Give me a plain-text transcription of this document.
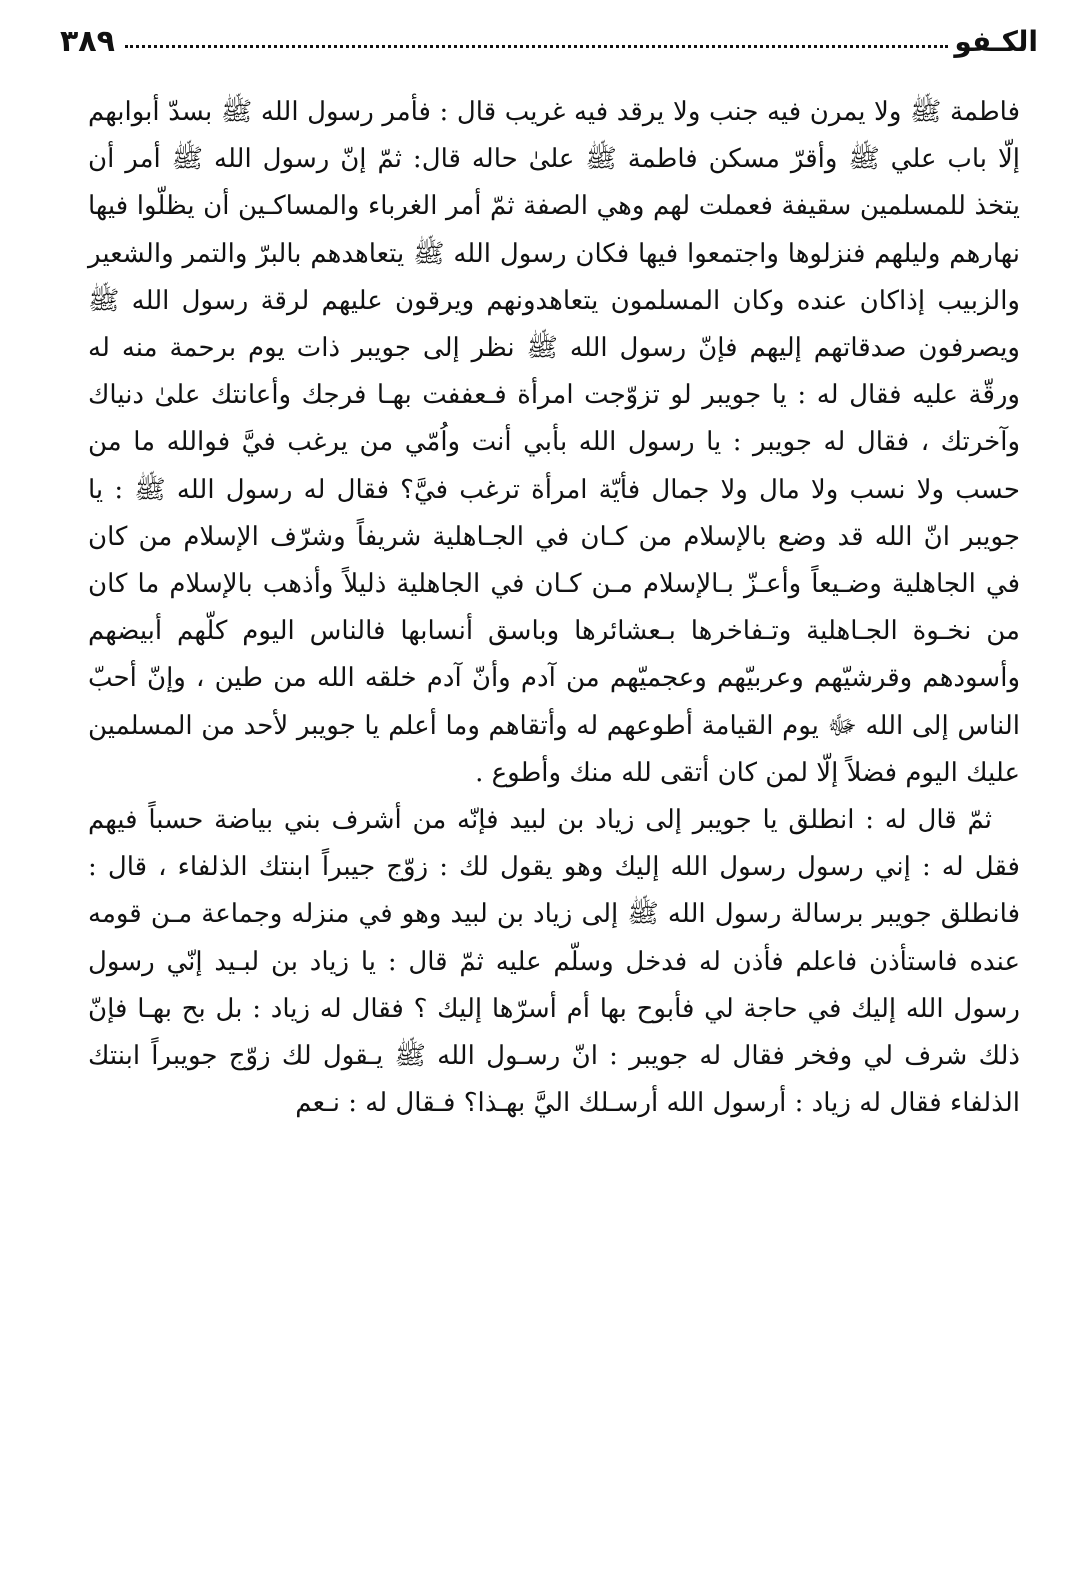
الكـفو
٣٨٩

فاطمة ﷺ ولا يمرن فيه جنب ولا يرقد فيه غريب قال : فأمر رسول الله ﷺ بسدّ أبوابهم إلّا باب علي ﷺ وأقرّ مسكن فاطمة ﷺ علىٰ حاله قال: ثمّ إنّ رسول الله ﷺ أمر أن يتخذ للمسلمين سقيفة فعملت لهم وهي الصفة ثمّ أمر الغرباء والمساكـين أن يظلّوا فيها نهارهم وليلهم فنزلوها واجتمعوا فيها فكان رسول الله ﷺ يتعاهدهم بالبرّ والتمر والشعير والزبيب إذاكان عنده وكان المسلمون يتعاهدونهم ويرقون عليهم لرقة رسول الله ﷺ ويصرفون صدقاتهم إليهم فإنّ رسول الله ﷺ نظر إلى جويبر ذات يوم برحمة منه له ورقّة عليه فقال له : يا جويبر لو تزوّجت امرأة فـعففت بهـا فرجك وأعانتك علىٰ دنياك وآخرتك ، فقال له جويبر : يا رسول الله بأبي أنت واُمّي من يرغب فيَّ فوالله ما من حسب ولا نسب ولا مال ولا جمال فأيّة امرأة ترغب فيَّ؟ فقال له رسول الله ﷺ : يا جويبر انّ الله قد وضع بالإسلام من كـان في الجـاهلية شريفاً وشرّف الإسلام من كان في الجاهلية وضـيعاً وأعـزّ بـالإسلام مـن كـان في الجاهلية ذليلاً وأذهب بالإسلام ما كان من نخـوة الجـاهلية وتـفاخرها بـعشائرها وباسق أنسابها فالناس اليوم كلّهم أبيضهم وأسودهم وقرشيّهم وعربيّهم وعجميّهم من آدم وأنّ آدم خلقه الله من طين ، وإنّ أحبّ الناس إلى الله ﷻ يوم القيامة أطوعهم له وأتقاهم وما أعلم يا جويبر لأحد من المسلمين عليك اليوم فضلاً إلّا لمن كان أتقى لله منك وأطوع .

ثمّ قال له : انطلق يا جويبر إلى زياد بن لبيد فإنّه من أشرف بني بياضة حسباً فيهم فقل له : إني رسول رسول الله إليك وهو يقول لك : زوّج جيبراً ابنتك الذلفاء ، قال : فانطلق جويبر برسالة رسول الله ﷺ إلى زياد بن لبيد وهو في منزله وجماعة مـن قومه عنده فاستأذن فاعلم فأذن له فدخل وسلّم عليه ثمّ قال : يا زياد بن لبـيد إنّي رسول رسول الله إليك في حاجة لي فأبوح بها أم أسرّها إليك ؟ فقال له زياد : بل بح بهـا فإنّ ذلك شرف لي وفخر فقال له جويبر : انّ رسـول الله ﷺ يـقول لك زوّج جويبراً ابنتك الذلفاء فقال له زياد : أرسول الله أرسـلك اليَّ بهـذا؟ فـقال له : نـعم
